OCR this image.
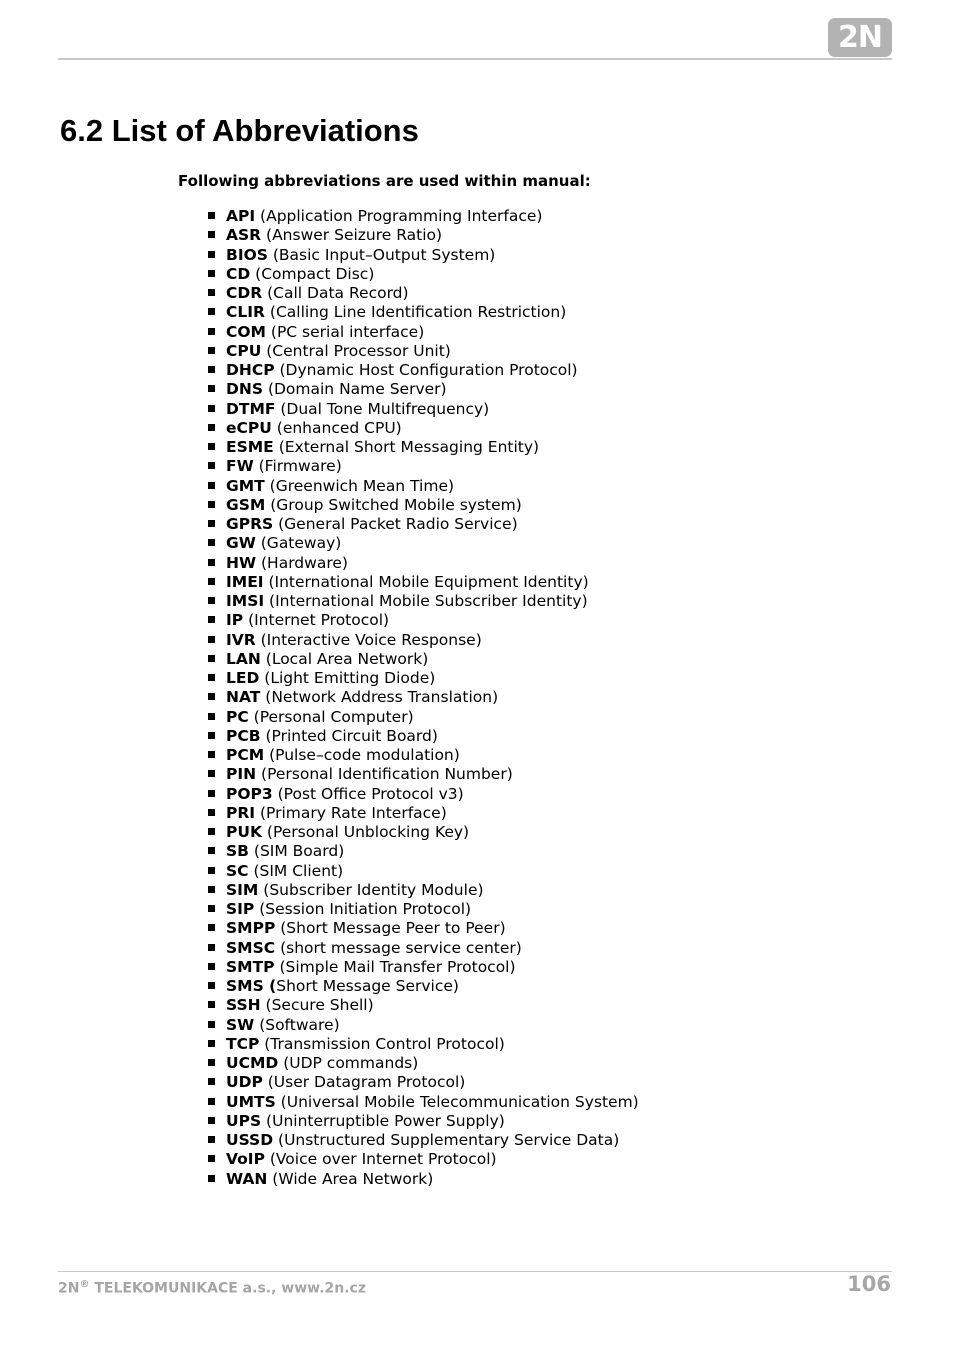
2N
6.2 List of Abbreviations

Following abbreviations are used within manual:

API (Application Programming Interface)
ASR (Answer Seizure Ratio)
BIOS (Basic Input–Output System)
CD (Compact Disc)
CDR (Call Data Record)
CLIR (Calling Line Identification Restriction)
COM (PC serial interface)
CPU (Central Processor Unit)
DHCP (Dynamic Host Configuration Protocol)
DNS (Domain Name Server)
DTMF (Dual Tone Multifrequency)
eCPU (enhanced CPU)
ESME (External Short Messaging Entity)
FW (Firmware)
GMT (Greenwich Mean Time)
GSM (Group Switched Mobile system)
GPRS (General Packet Radio Service)
GW (Gateway)
HW (Hardware)
IMEI (International Mobile Equipment Identity)
IMSI (International Mobile Subscriber Identity)
IP (Internet Protocol)
IVR (Interactive Voice Response)
LAN (Local Area Network)
LED (Light Emitting Diode)
NAT (Network Address Translation)
PC (Personal Computer)
PCB (Printed Circuit Board)
PCM (Pulse–code modulation)
PIN (Personal Identification Number)
POP3 (Post Office Protocol v3)
PRI (Primary Rate Interface)
PUK (Personal Unblocking Key)
SB (SIM Board)
SC (SIM Client)
SIM (Subscriber Identity Module)
SIP (Session Initiation Protocol)
SMPP (Short Message Peer to Peer)
SMSC (short message service center)
SMTP (Simple Mail Transfer Protocol)
SMS (Short Message Service)
SSH (Secure Shell)
SW (Software)
TCP (Transmission Control Protocol)
UCMD (UDP commands)
UDP (User Datagram Protocol)
UMTS (Universal Mobile Telecommunication System)
UPS (Uninterruptible Power Supply)
USSD (Unstructured Supplementary Service Data)
VoIP (Voice over Internet Protocol)
WAN (Wide Area Network)

2N® TELEKOMUNIKACE a.s., www.2n.cz	106
